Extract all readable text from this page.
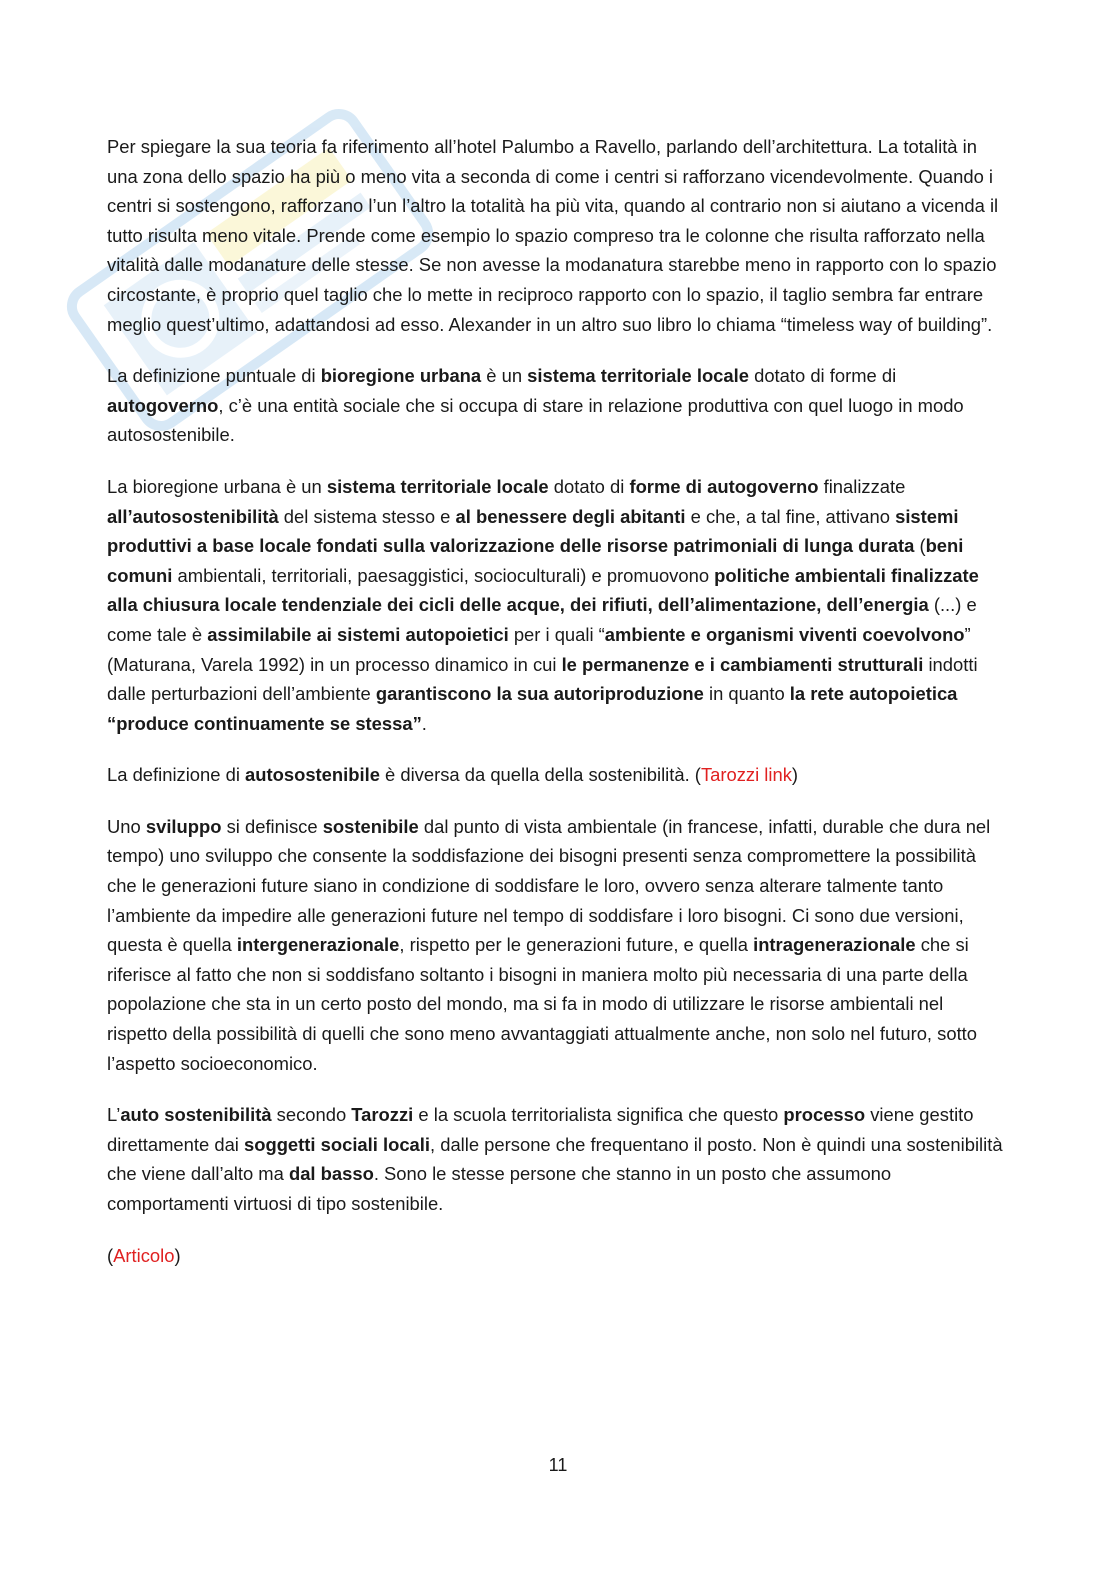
Per spiegare la sua teoria fa riferimento all’hotel Palumbo a Ravello, parlando dell’architettura. La totalità in una zona dello spazio ha più o meno vita a seconda di come i centri si rafforzano vicendevolmente. Quando i centri si sostengono, rafforzano l’un l’altro la totalità ha più vita, quando al contrario non si aiutano a vicenda il tutto risulta meno vitale. Prende come esempio lo spazio compreso tra le colonne che risulta rafforzato nella vitalità dalle modanature delle stesse. Se non avesse la modanatura starebbe meno in rapporto con lo spazio circostante, è proprio quel taglio che lo mette in reciproco rapporto con lo spazio, il taglio sembra far entrare meglio quest’ultimo, adattandosi ad esso. Alexander in un altro suo libro lo chiama “timeless way of building”.

La definizione puntuale di bioregione urbana è un sistema territoriale locale dotato di forme di autogoverno, c’è una entità sociale che si occupa di stare in relazione produttiva con quel luogo in modo autosostenibile.

La bioregione urbana è un sistema territoriale locale dotato di forme di autogoverno finalizzate all’autosostenibilità del sistema stesso e al benessere degli abitanti e che, a tal fine, attivano sistemi produttivi a base locale fondati sulla valorizzazione delle risorse patrimoniali di lunga durata (beni comuni ambientali, territoriali, paesaggistici, socioculturali) e promuovono politiche ambientali finalizzate alla chiusura locale tendenziale dei cicli delle acque, dei rifiuti, dell’alimentazione, dell’energia (...) e come tale è assimilabile ai sistemi autopoietici per i quali “ambiente e organismi viventi coevolvono” (Maturana, Varela 1992) in un processo dinamico in cui le permanenze e i cambiamenti strutturali indotti dalle perturbazioni dell’ambiente garantiscono la sua autoriproduzione in quanto la rete autopoietica “produce continuamente se stessa”.

La definizione di autosostenibile è diversa da quella della sostenibilità. (Tarozzi link)

Uno sviluppo si definisce sostenibile dal punto di vista ambientale (in francese, infatti, durable che dura nel tempo) uno sviluppo che consente la soddisfazione dei bisogni presenti senza compromettere la possibilità che le generazioni future siano in condizione di soddisfare le loro, ovvero senza alterare talmente tanto l’ambiente da impedire alle generazioni future nel tempo di soddisfare i loro bisogni. Ci sono due versioni, questa è quella intergenerazionale, rispetto per le generazioni future, e quella intragenerazionale che si riferisce al fatto che non si soddisfano soltanto i bisogni in maniera molto più necessaria di una parte della popolazione che sta in un certo posto del mondo, ma si fa in modo di utilizzare le risorse ambientali nel rispetto della possibilità di quelli che sono meno avvantaggiati attualmente anche, non solo nel futuro, sotto l’aspetto socioeconomico.

L’auto sostenibilità secondo Tarozzi e la scuola territorialista significa che questo processo viene gestito direttamente dai soggetti sociali locali, dalle persone che frequentano il posto. Non è quindi una sostenibilità che viene dall’alto ma dal basso. Sono le stesse persone che stanno in un posto che assumono comportamenti virtuosi di tipo sostenibile.

(Articolo)

11
